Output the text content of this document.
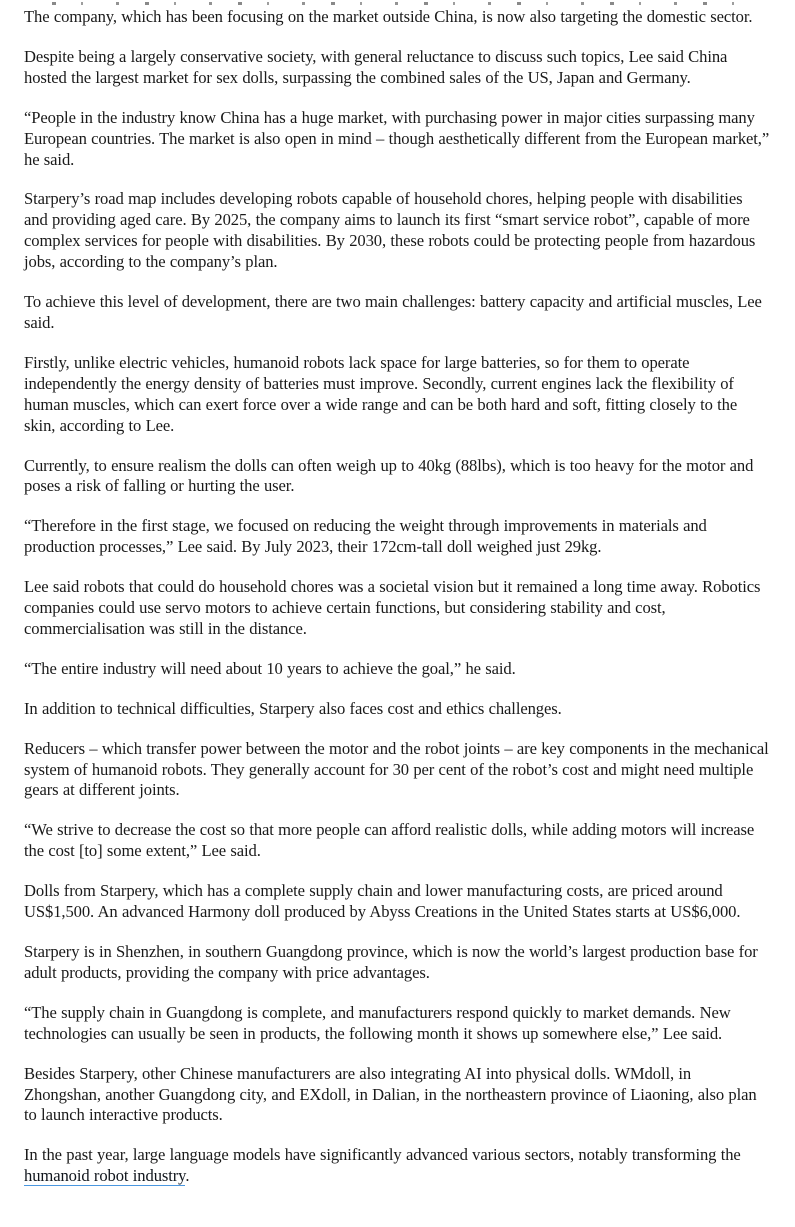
The company, which has been focusing on the market outside China, is now also targeting the domestic sector.

Despite being a largely conservative society, with general reluctance to discuss such topics, Lee said China hosted the largest market for sex dolls, surpassing the combined sales of the US, Japan and Germany.

“People in the industry know China has a huge market, with purchasing power in major cities surpassing many European countries. The market is also open in mind – though aesthetically different from the European market,” he said.

Starpery’s road map includes developing robots capable of household chores, helping people with disabilities and providing aged care. By 2025, the company aims to launch its first “smart service robot”, capable of more complex services for people with disabilities. By 2030, these robots could be protecting people from hazardous jobs, according to the company’s plan.

To achieve this level of development, there are two main challenges: battery capacity and artificial muscles, Lee said.

Firstly, unlike electric vehicles, humanoid robots lack space for large batteries, so for them to operate independently the energy density of batteries must improve. Secondly, current engines lack the flexibility of human muscles, which can exert force over a wide range and can be both hard and soft, fitting closely to the skin, according to Lee.

Currently, to ensure realism the dolls can often weigh up to 40kg (88lbs), which is too heavy for the motor and poses a risk of falling or hurting the user.

“Therefore in the first stage, we focused on reducing the weight through improvements in materials and production processes,” Lee said. By July 2023, their 172cm-tall doll weighed just 29kg.

Lee said robots that could do household chores was a societal vision but it remained a long time away. Robotics companies could use servo motors to achieve certain functions, but considering stability and cost, commercialisation was still in the distance.

“The entire industry will need about 10 years to achieve the goal,” he said.

In addition to technical difficulties, Starpery also faces cost and ethics challenges.

Reducers – which transfer power between the motor and the robot joints – are key components in the mechanical system of humanoid robots. They generally account for 30 per cent of the robot’s cost and might need multiple gears at different joints.

“We strive to decrease the cost so that more people can afford realistic dolls, while adding motors will increase the cost [to] some extent,” Lee said.

Dolls from Starpery, which has a complete supply chain and lower manufacturing costs, are priced around US$1,500. An advanced Harmony doll produced by Abyss Creations in the United States starts at US$6,000.

Starpery is in Shenzhen, in southern Guangdong province, which is now the world’s largest production base for adult products, providing the company with price advantages.

“The supply chain in Guangdong is complete, and manufacturers respond quickly to market demands. New technologies can usually be seen in products, the following month it shows up somewhere else,” Lee said.

Besides Starpery, other Chinese manufacturers are also integrating AI into physical dolls. WMdoll, in Zhongshan, another Guangdong city, and EXdoll, in Dalian, in the northeastern province of Liaoning, also plan to launch interactive products.

In the past year, large language models have significantly advanced various sectors, notably transforming the humanoid robot industry.
